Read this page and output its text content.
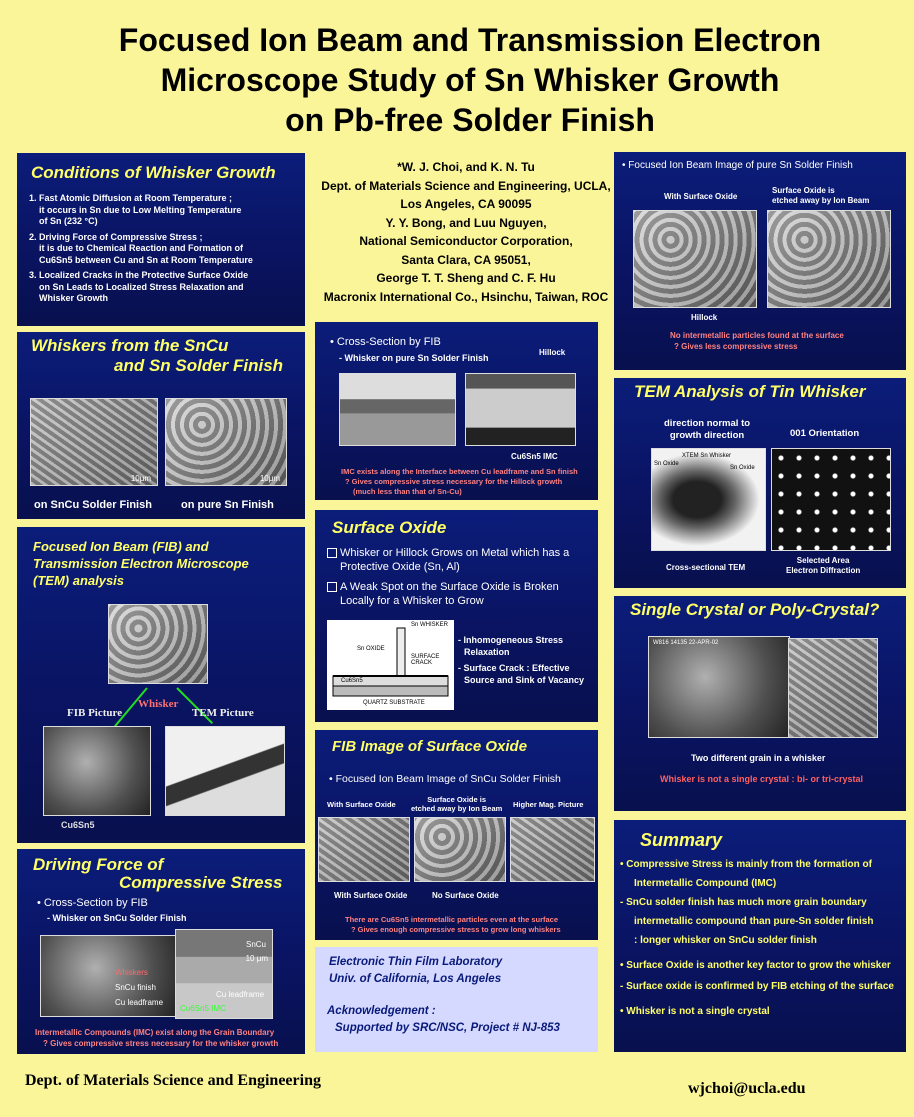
Focused Ion Beam and Transmission Electron
Microscope Study of Sn Whisker Growth
on Pb-free Solder Finish
*W. J. Choi, and K. N. Tu
Dept. of Materials Science and Engineering, UCLA,
Los Angeles, CA 90095
Y. Y. Bong, and Luu Nguyen,
National Semiconductor Corporation,
Santa Clara, CA 95051,
George T. T. Sheng and C. F. Hu
Macronix International Co., Hsinchu, Taiwan, ROC
Conditions of Whisker Growth
1. Fast Atomic Diffusion at Room Temperature ;
it occurs in Sn due to Low Melting Temperature
of Sn (232 °C)
2. Driving Force of Compressive Stress ;
it is due to Chemical Reaction and Formation of
Cu6Sn5 between Cu and Sn at Room Temperature
3. Localized Cracks in the Protective Surface Oxide
on Sn Leads to Localized Stress Relaxation and
Whisker Growth
Whiskers from the SnCu
and Sn Solder Finish
10μm	10μm
on SnCu Solder Finish	on pure Sn Finish
Focused Ion Beam (FIB) and
Transmission Electron Microscope
(TEM) analysis
Whisker
FIB Picture	TEM Picture
Cu6Sn5
Driving Force of
Compressive Stress
• Cross-Section by FIB
- Whisker on SnCu Solder Finish
Whiskers
SnCu finish
Cu leadframe
SnCu
Cu leadframe
Cu6Sn5 IMC
10 μm
Intermetallic Compounds (IMC) exist along the Grain Boundary
? Gives compressive stress necessary for the whisker growth
• Cross-Section by FIB
- Whisker on pure Sn Solder Finish
Hillock
Cu6Sn5 IMC
IMC exists along the Interface between Cu leadframe and Sn finish
? Gives compressive stress necessary for the Hillock growth
(much less than that of Sn-Cu)
Surface Oxide
Whisker or Hillock Grows on Metal which has a
Protective Oxide (Sn, Al)
A Weak Spot on the Surface Oxide is Broken
Locally for a Whisker to Grow
Sn WHISKER
Sn OXIDE
SURFACE CRACK
Cu6Sn5
QUARTZ SUBSTRATE
- Inhomogeneous Stress
Relaxation
- Surface Crack : Effective
Source and Sink of Vacancy
FIB Image of Surface Oxide
• Focused Ion Beam Image of SnCu Solder Finish
With Surface Oxide
Surface Oxide is
etched away by Ion Beam Higher Mag. Picture
With Surface Oxide	No Surface Oxide
There are Cu6Sn5 intermetallic particles even at the surface
? Gives enough compressive stress to grow long whiskers
Electronic Thin Film Laboratory
Univ. of California, Los Angeles
Acknowledgement :
Supported by SRC/NSC, Project # NJ-853
• Focused Ion Beam Image of pure Sn Solder Finish
With Surface Oxide
Surface Oxide is
etched away by Ion Beam
Hillock
No intermetallic particles found at the surface
? Gives less compressive stress
TEM Analysis of Tin Whisker
direction normal to
growth direction	001 Orientation
XTEM Sn Whisker
Sn Oxide
Sn Oxide
Cross-sectional TEM
Selected Area
Electron Diffraction
Single Crystal or Poly-Crystal?
W816 14135 22-APR-02
Two different grain in a whisker
Whisker is not a single crystal : bi- or tri-crystal
Summary
• Compressive Stress is mainly from the formation of
Intermetallic Compound (IMC)
- SnCu solder finish has much more grain boundary
intermetallic compound than pure-Sn solder finish
: longer whisker on SnCu solder finish
• Surface Oxide is another key factor to grow the whisker
- Surface oxide is confirmed by FIB etching of the surface
• Whisker is not a single crystal
Dept. of Materials Science and Engineering	wjchoi@ucla.edu
